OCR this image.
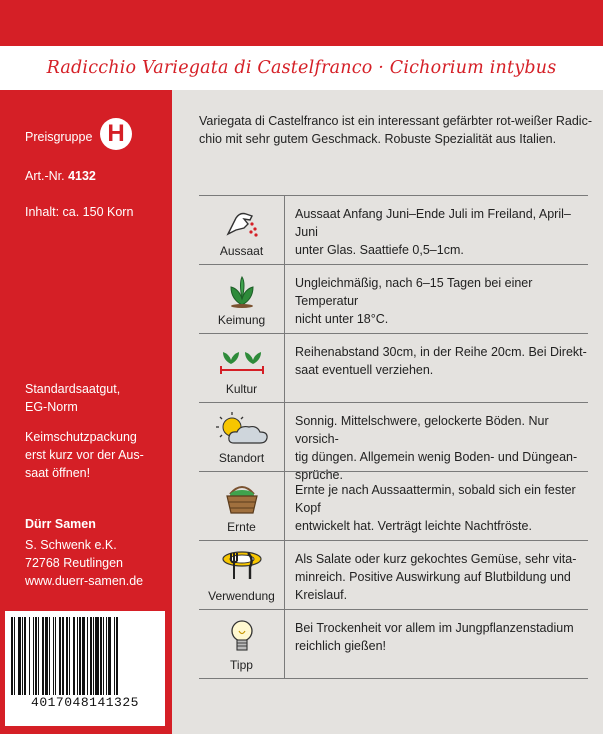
Radicchio Variegata di Castelfranco · Cichorium intybus
Preisgruppe H
Art.-Nr. 4132
Inhalt: ca. 150 Korn
Standardsaatgut,
EG-Norm
Keimschutzpackung
erst kurz vor der Aus-
saat öffnen!
Dürr Samen
S. Schwenk e.K.
72768 Reutlingen
www.duerr-samen.de
4017048141325
Variegata di Castelfranco ist ein interessant gefärbter rot-weißer Radic-
chio mit sehr gutem Geschmack. Robuste Spezialität aus Italien.
Aussaat
Aussaat Anfang Juni–Ende Juli im Freiland, April–Juni
unter Glas. Saattiefe 0,5–1cm.
Keimung
Ungleichmäßig, nach 6–15 Tagen bei einer Temperatur
nicht unter 18°C.
Kultur
Reihenabstand 30cm, in der Reihe 20cm. Bei Direkt-
saat eventuell verziehen.
Standort
Sonnig. Mittelschwere, gelockerte Böden. Nur vorsich-
tig düngen. Allgemein wenig Boden- und Düngean-
sprüche.
Ernte
Ernte je nach Aussaattermin, sobald sich ein fester Kopf
entwickelt hat. Verträgt leichte Nachtfröste.
Verwendung
Als Salate oder kurz gekochtes Gemüse, sehr vita-
minreich. Positive Auswirkung auf Blutbildung und
Kreislauf.
Tipp
Bei Trockenheit vor allem im Jungpflanzenstadium
reichlich gießen!
